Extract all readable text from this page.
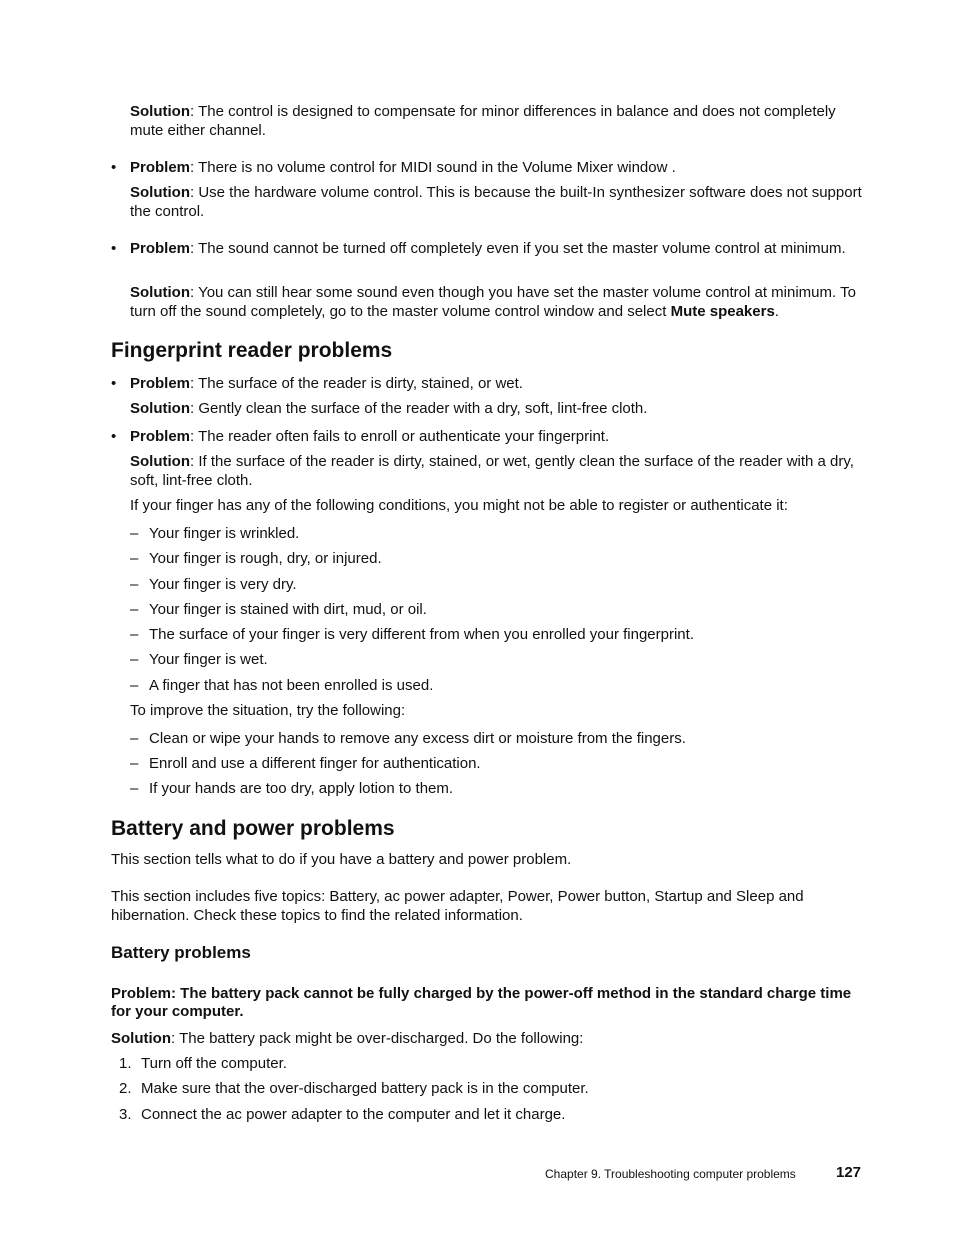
Solution: The control is designed to compensate for minor differences in balance and does not completely mute either channel.
• Problem: There is no volume control for MIDI sound in the Volume Mixer window .
Solution: Use the hardware volume control. This is because the built-In synthesizer software does not support the control.
• Problem: The sound cannot be turned off completely even if you set the master volume control at minimum.
Solution: You can still hear some sound even though you have set the master volume control at minimum. To turn off the sound completely, go to the master volume control window and select Mute speakers.
Fingerprint reader problems
• Problem: The surface of the reader is dirty, stained, or wet.
Solution: Gently clean the surface of the reader with a dry, soft, lint-free cloth.
• Problem: The reader often fails to enroll or authenticate your fingerprint.
Solution: If the surface of the reader is dirty, stained, or wet, gently clean the surface of the reader with a dry, soft, lint-free cloth.
If your finger has any of the following conditions, you might not be able to register or authenticate it:
– Your finger is wrinkled.
– Your finger is rough, dry, or injured.
– Your finger is very dry.
– Your finger is stained with dirt, mud, or oil.
– The surface of your finger is very different from when you enrolled your fingerprint.
– Your finger is wet.
– A finger that has not been enrolled is used.
To improve the situation, try the following:
– Clean or wipe your hands to remove any excess dirt or moisture from the fingers.
– Enroll and use a different finger for authentication.
– If your hands are too dry, apply lotion to them.
Battery and power problems
This section tells what to do if you have a battery and power problem.
This section includes five topics: Battery, ac power adapter, Power, Power button, Startup and Sleep and hibernation. Check these topics to find the related information.
Battery problems
Problem: The battery pack cannot be fully charged by the power-off method in the standard charge time for your computer.
Solution: The battery pack might be over-discharged. Do the following:
1. Turn off the computer.
2. Make sure that the over-discharged battery pack is in the computer.
3. Connect the ac power adapter to the computer and let it charge.
Chapter 9. Troubleshooting computer problems	127
